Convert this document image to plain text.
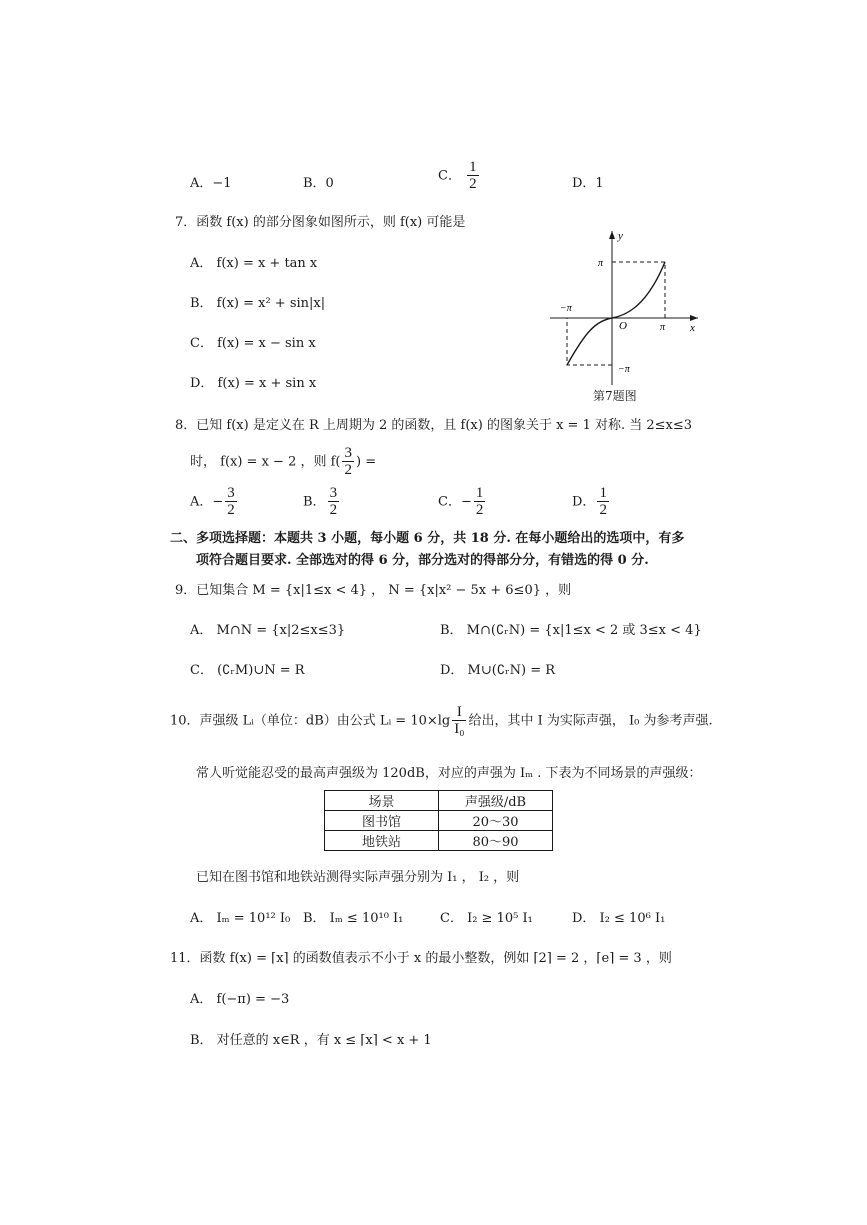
A．−1	B．0	C． $\frac{1}{2}$	D．1
7．函数 f(x) 的部分图象如图所示，则 f(x) 可能是
A． f(x) = x + tan x
B． f(x) = x² + sin|x|
C． f(x) = x − sin x
D． f(x) = x + sin x
y
x
O
π
π
−π
−π
第7题图
8．已知 f(x) 是定义在 R 上周期为 2 的函数，且 f(x) 的图象关于 x = 1 对称. 当 2≤x≤3
时， f(x) = x − 2 ，则 $f( \frac{3}{2}$ ) =
A．− $\frac{3}{2}$	B． $\frac{3}{2}$	C．− $\frac{1}{2}$	D． $\frac{1}{2}$
二、多项选择题：本题共 3 小题，每小题 6 分，共 18 分. 在每小题给出的选项中，有多
项符合题目要求. 全部选对的得 6 分，部分选对的得部分分，有错选的得 0 分.
9．已知集合 M = {x|1≤x < 4} ， N = {x|x² − 5x + 6≤0} ，则
A． M∩N = {x|2≤x≤3}	B． M∩(∁ᵣN) = {x|1≤x < 2 或 3≤x < 4}
C． (∁ᵣM)∪N = R	D． M∪(∁ᵣN) = R
10．声强级 Lᵢ（单位：dB）由公式 Lᵢ = $10\times\lg \frac{I}{\text{I₀}}$ 给出，其中 I 为实际声强， I₀ 为参考声强.
常人听觉能忍受的最高声强级为 120dB，对应的声强为 Iₘ . 下表为不同场景的声强级：
场景	声强级/dB
图书馆	20～30
地铁站	80～90
已知在图书馆和地铁站测得实际声强分别为 I₁ ， I₂ ，则
A． Iₘ = 10¹² I₀ B． Iₘ ≤ 10¹⁰ I₁	C． I₂ ≥ 10⁵ I₁	D． I₂ ≤ 10⁶ I₁
11．函数 f(x) = ⌈x⌉ 的函数值表示不小于 x 的最小整数，例如 ⌈2⌉ = 2 ，⌈e⌉ = 3 ，则
A． f(−π) = −3
B． 对任意的 x∈R ，有 x ≤ ⌈x⌉ < x + 1
